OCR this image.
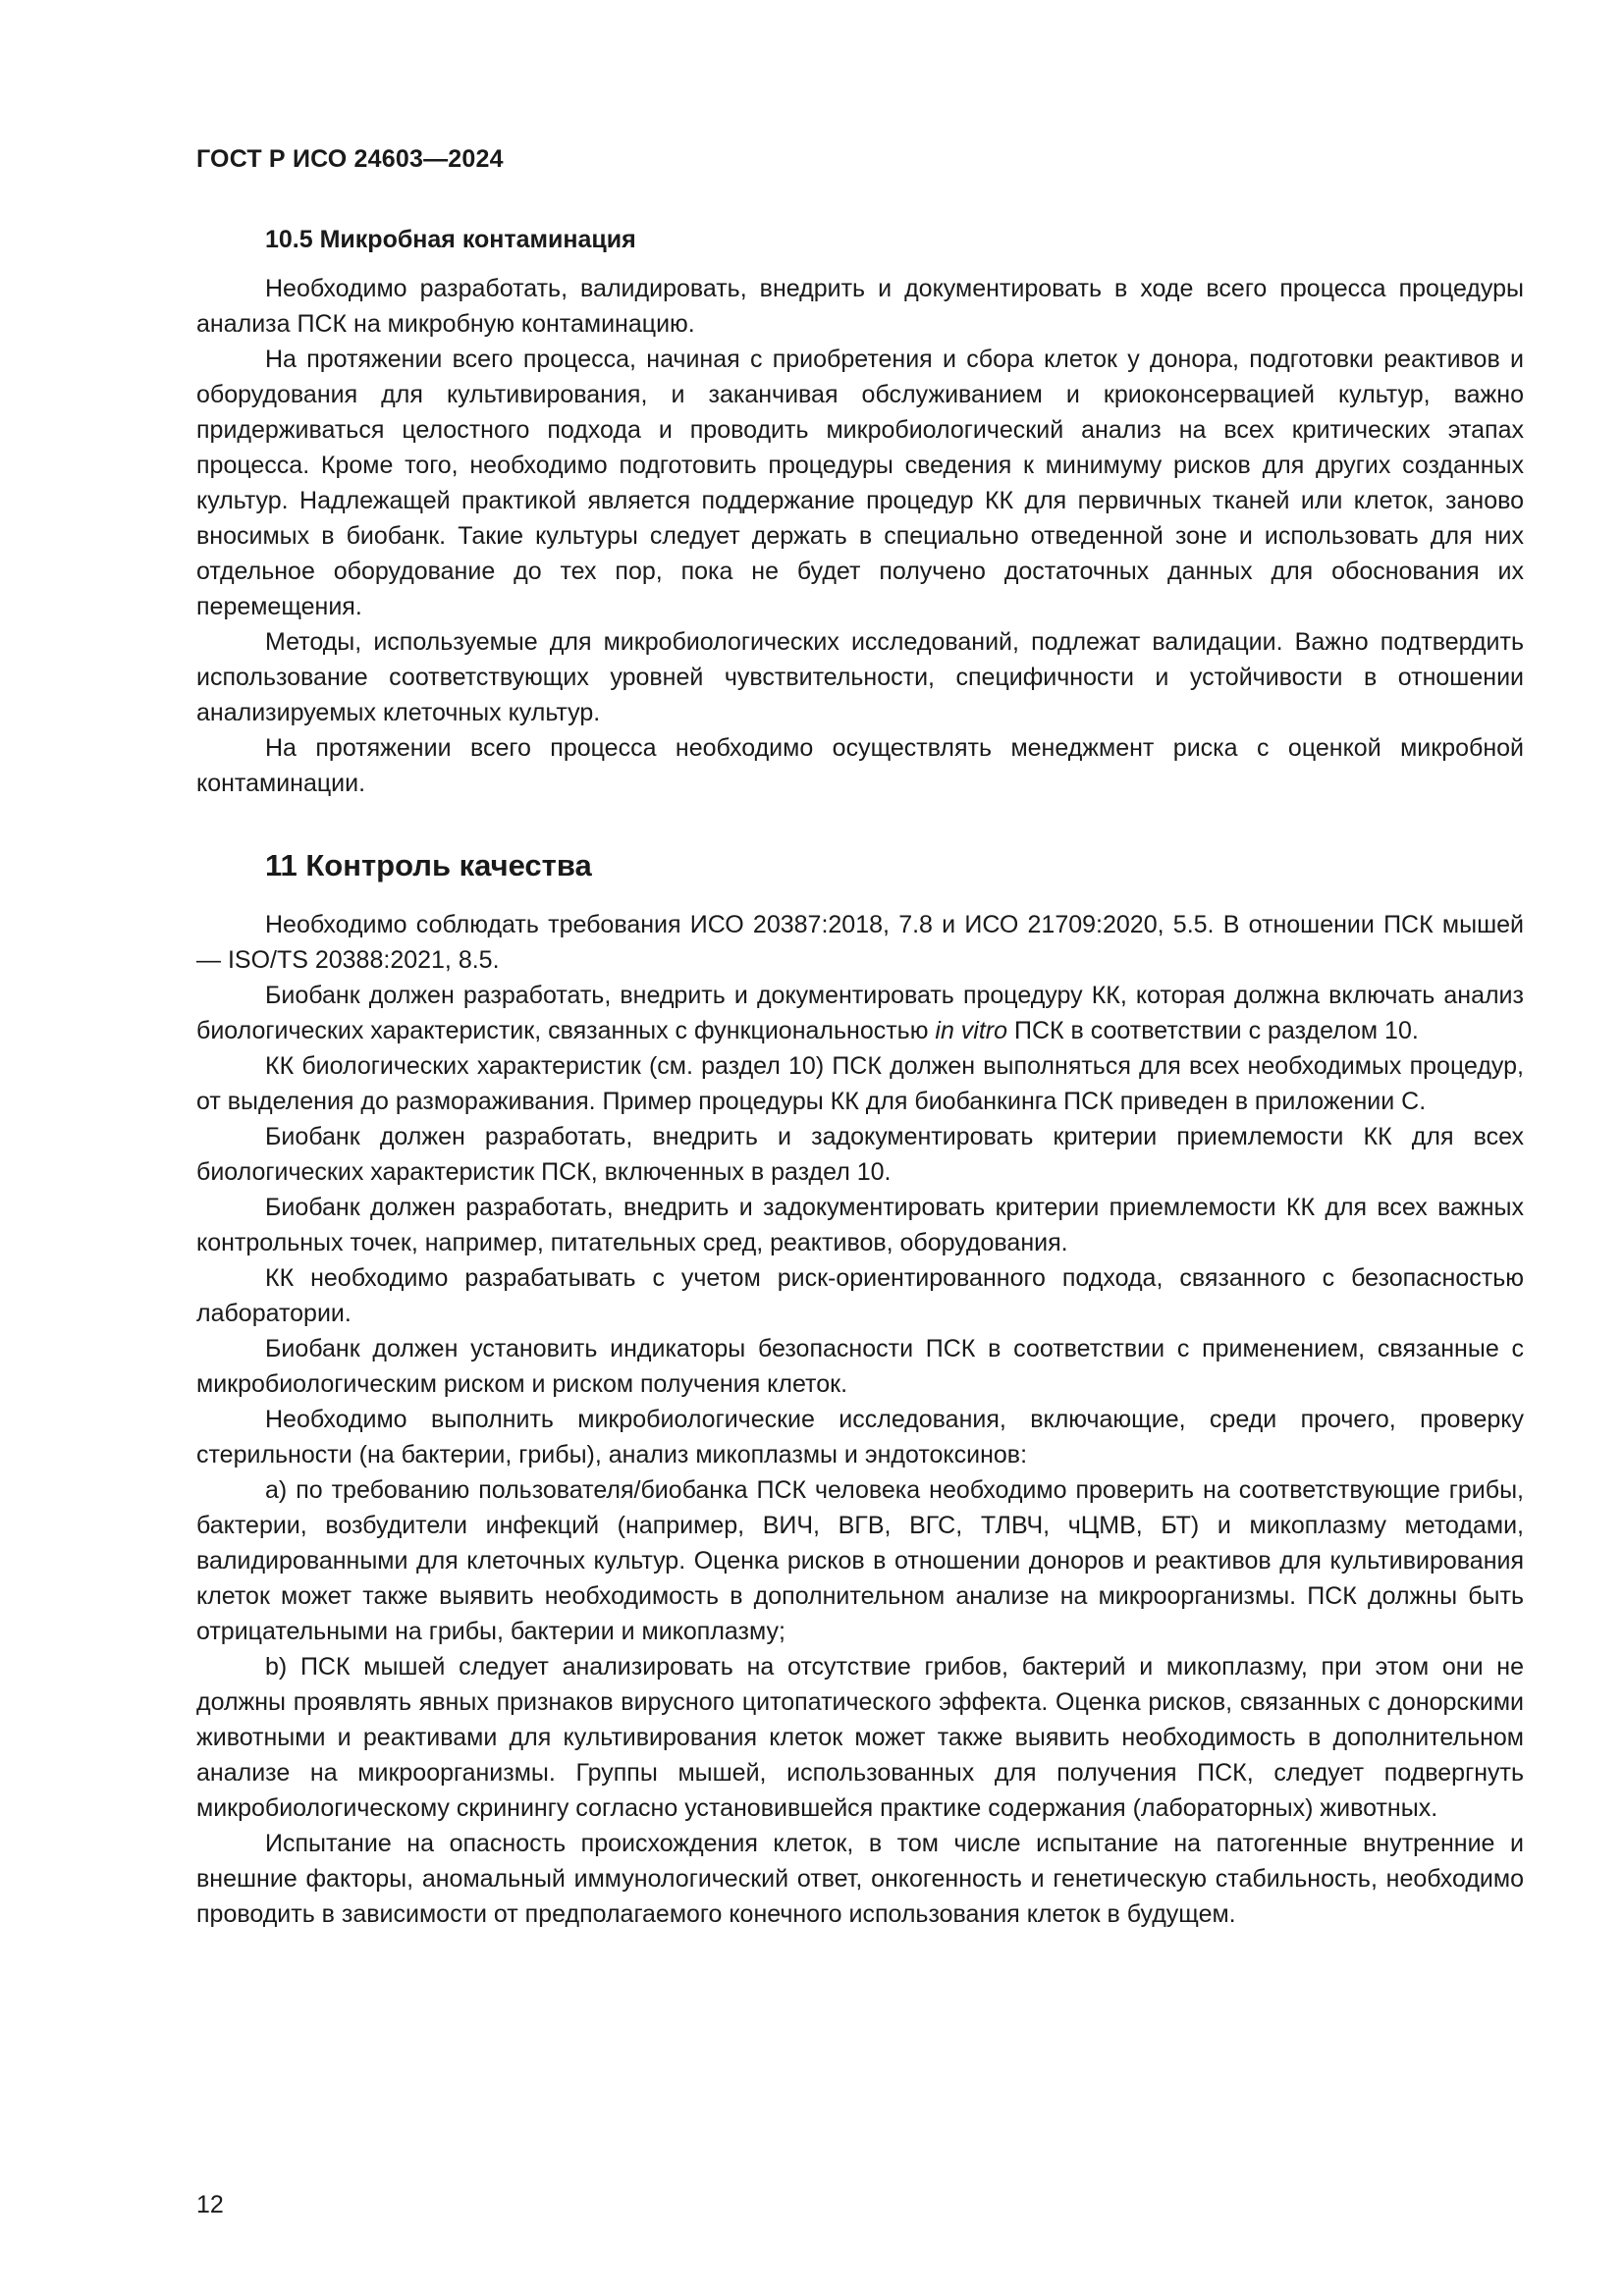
ГОСТ Р ИСО 24603—2024
10.5 Микробная контаминация

Необходимо разработать, валидировать, внедрить и документировать в ходе всего процесса процедуры анализа ПСК на микробную контаминацию.

На протяжении всего процесса, начиная с приобретения и сбора клеток у донора, подготовки реактивов и оборудования для культивирования, и заканчивая обслуживанием и криоконсервацией культур, важно придерживаться целостного подхода и проводить микробиологический анализ на всех критических этапах процесса. Кроме того, необходимо подготовить процедуры сведения к минимуму рисков для других созданных культур. Надлежащей практикой является поддержание процедур КК для первичных тканей или клеток, заново вносимых в биобанк. Такие культуры следует держать в специально отведенной зоне и использовать для них отдельное оборудование до тех пор, пока не будет получено достаточных данных для обоснования их перемещения.

Методы, используемые для микробиологических исследований, подлежат валидации. Важно подтвердить использование соответствующих уровней чувствительности, специфичности и устойчивости в отношении анализируемых клеточных культур.

На протяжении всего процесса необходимо осуществлять менеджмент риска с оценкой микробной контаминации.

11 Контроль качества

Необходимо соблюдать требования ИСО 20387:2018, 7.8 и ИСО 21709:2020, 5.5. В отношении ПСК мышей — ISO/TS 20388:2021, 8.5.

Биобанк должен разработать, внедрить и документировать процедуру КК, которая должна включать анализ биологических характеристик, связанных с функциональностью in vitro ПСК в соответствии с разделом 10.

КК биологических характеристик (см. раздел 10) ПСК должен выполняться для всех необходимых процедур, от выделения до размораживания. Пример процедуры КК для биобанкинга ПСК приведен в приложении С.

Биобанк должен разработать, внедрить и задокументировать критерии приемлемости КК для всех биологических характеристик ПСК, включенных в раздел 10.

Биобанк должен разработать, внедрить и задокументировать критерии приемлемости КК для всех важных контрольных точек, например, питательных сред, реактивов, оборудования.

КК необходимо разрабатывать с учетом риск-ориентированного подхода, связанного с безопасностью лаборатории.

Биобанк должен установить индикаторы безопасности ПСК в соответствии с применением, связанные с микробиологическим риском и риском получения клеток.

Необходимо выполнить микробиологические исследования, включающие, среди прочего, проверку стерильности (на бактерии, грибы), анализ микоплазмы и эндотоксинов:

а) по требованию пользователя/биобанка ПСК человека необходимо проверить на соответствующие грибы, бактерии, возбудители инфекций (например, ВИЧ, ВГВ, ВГС, ТЛВЧ, чЦМВ, БТ) и микоплазму методами, валидированными для клеточных культур. Оценка рисков в отношении доноров и реактивов для культивирования клеток может также выявить необходимость в дополнительном анализе на микроорганизмы. ПСК должны быть отрицательными на грибы, бактерии и микоплазму;

b) ПСК мышей следует анализировать на отсутствие грибов, бактерий и микоплазму, при этом они не должны проявлять явных признаков вирусного цитопатического эффекта. Оценка рисков, связанных с донорскими животными и реактивами для культивирования клеток может также выявить необходимость в дополнительном анализе на микроорганизмы. Группы мышей, использованных для получения ПСК, следует подвергнуть микробиологическому скринингу согласно установившейся практике содержания (лабораторных) животных.

Испытание на опасность происхождения клеток, в том числе испытание на патогенные внутренние и внешние факторы, аномальный иммунологический ответ, онкогенность и генетическую стабильность, необходимо проводить в зависимости от предполагаемого конечного использования клеток в будущем.

12
